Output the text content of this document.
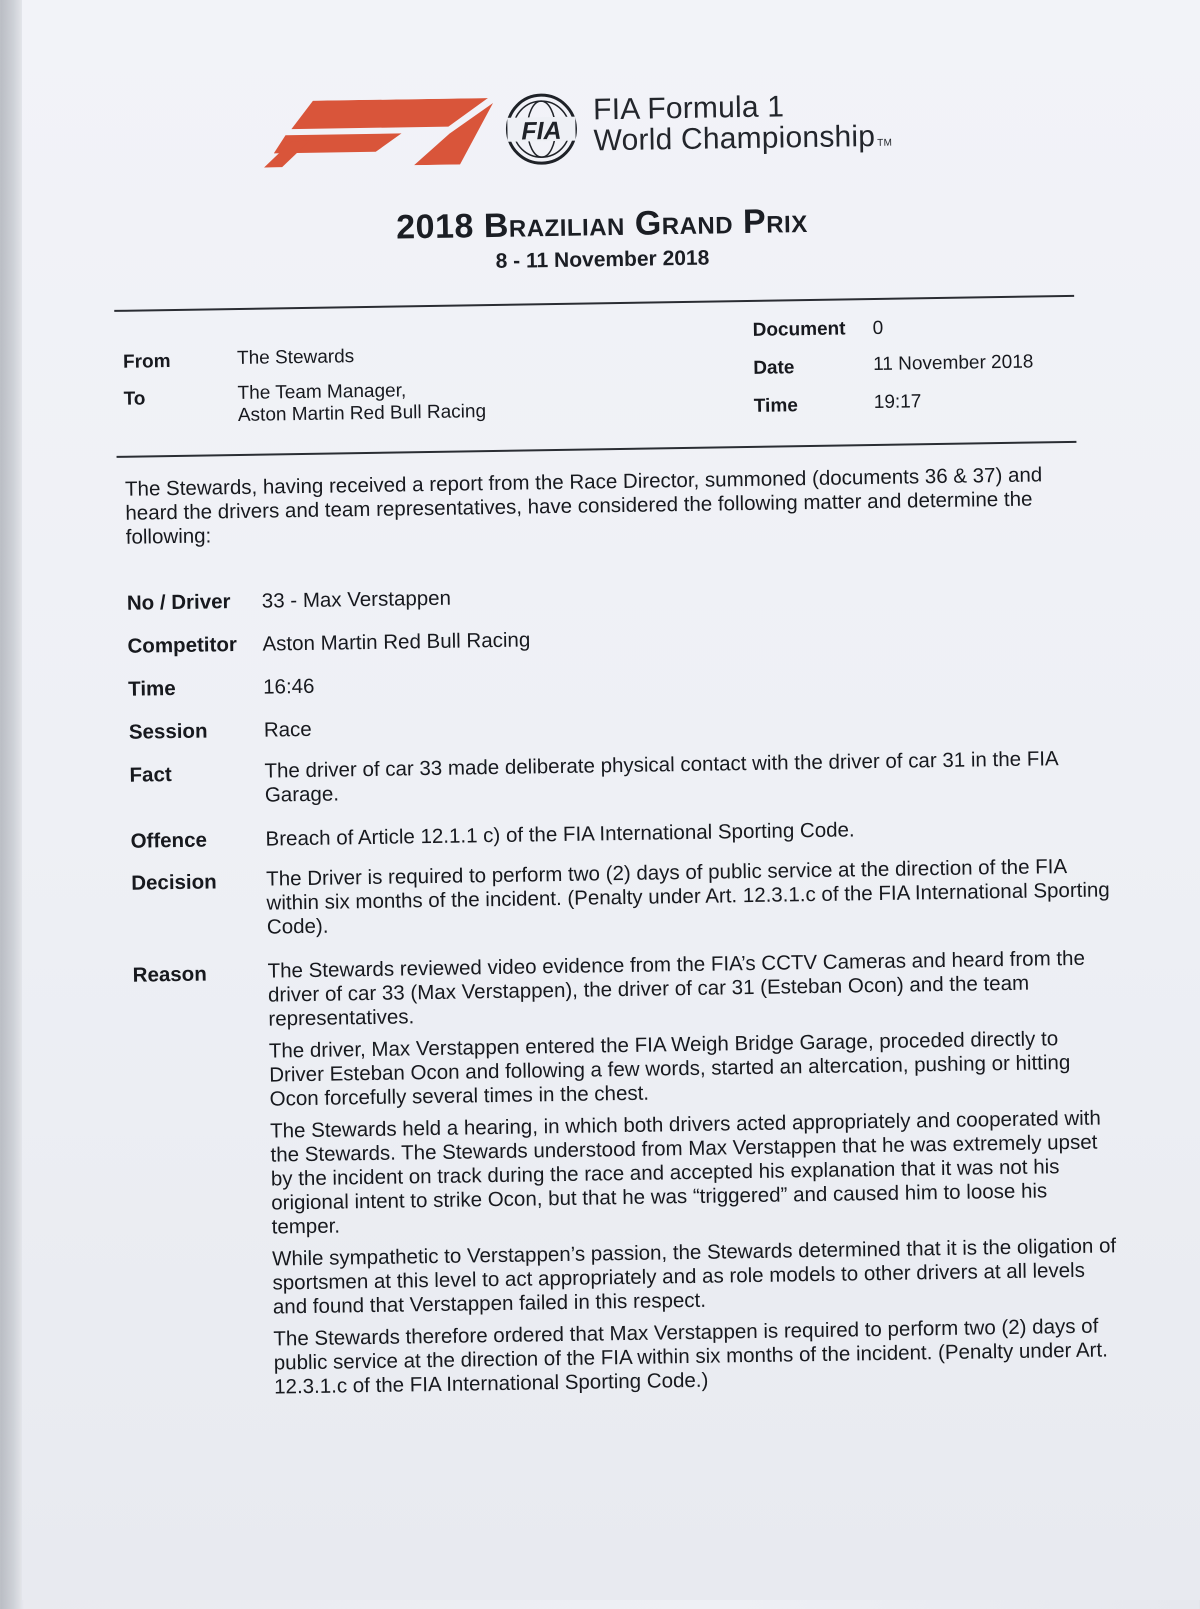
FIA
FIA Formula 1
World Championship TM
2018 Brazilian Grand Prix
8 - 11 November 2018
From	The Stewards
To	The Team Manager,
Aston Martin Red Bull Racing
Document 0
Date	11 November 2018
Time	19:17
The Stewards, having received a report from the Race Director, summoned (documents 36 & 37) and heard the drivers and team representatives, have considered the following matter and determine the following:
No / Driver 33 - Max Verstappen
Competitor Aston Martin Red Bull Racing
Time	16:46
Session	Race
Fact	The driver of car 33 made deliberate physical contact with the driver of car 31 in the FIA Garage.
Offence	Breach of Article 12.1.1 c) of the FIA International Sporting Code.
Decision The Driver is required to perform two (2) days of public service at the direction of the FIA within six months of the incident. (Penalty under Art. 12.3.1.c of the FIA International Sporting Code).
Reason	The Stewards reviewed video evidence from the FIA’s CCTV Cameras and heard from the driver of car 33 (Max Verstappen), the driver of car 31 (Esteban Ocon) and the team representatives.

The driver, Max Verstappen entered the FIA Weigh Bridge Garage, proceded directly to Driver Esteban Ocon and following a few words, started an altercation, pushing or hitting Ocon forcefully several times in the chest.

The Stewards held a hearing, in which both drivers acted appropriately and cooperated with the Stewards. The Stewards understood from Max Verstappen that he was extremely upset by the incident on track during the race and accepted his explanation that it was not his origional intent to strike Ocon, but that he was “triggered” and caused him to loose his temper.

While sympathetic to Verstappen’s passion, the Stewards determined that it is the oligation of sportsmen at this level to act appropriately and as role models to other drivers at all levels and found that Verstappen failed in this respect.

The Stewards therefore ordered that Max Verstappen is required to perform two (2) days of public service at the direction of the FIA within six months of the incident. (Penalty under Art. 12.3.1.c of the FIA International Sporting Code.)
